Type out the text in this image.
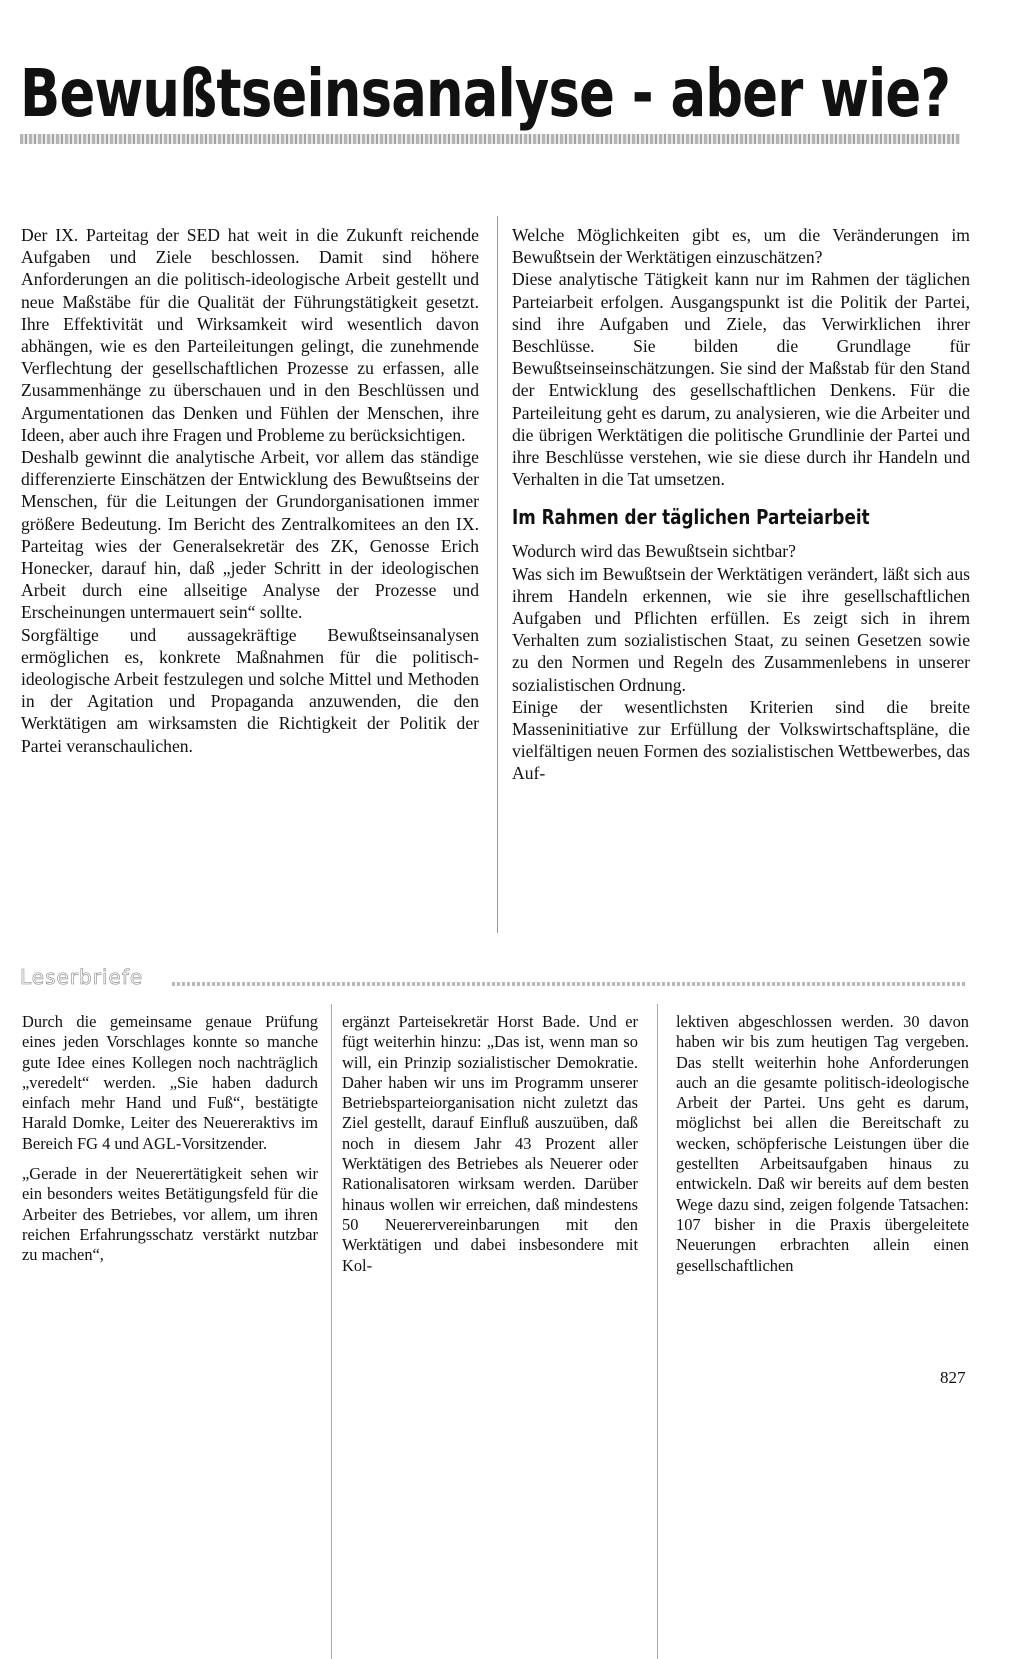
Bewußtseinsanalyse - aber wie?

Der IX. Parteitag der SED hat weit in die Zukunft reichende Aufgaben und Ziele beschlossen. Damit sind höhere Anforderungen an die politisch-ideologische Arbeit gestellt und neue Maßstäbe für die Qualität der Führungstätigkeit gesetzt. Ihre Effektivität und Wirksamkeit wird wesentlich davon abhängen, wie es den Parteileitungen gelingt, die zunehmende Verflechtung der gesellschaftlichen Prozesse zu erfassen, alle Zusammenhänge zu überschauen und in den Beschlüssen und Argumentationen das Denken und Fühlen der Menschen, ihre Ideen, aber auch ihre Fragen und Probleme zu berücksichtigen.

Deshalb gewinnt die analytische Arbeit, vor allem das ständige differenzierte Einschätzen der Entwicklung des Bewußtseins der Menschen, für die Leitungen der Grundorganisationen immer größere Bedeutung. Im Bericht des Zentralkomitees an den IX. Parteitag wies der Generalsekretär des ZK, Genosse Erich Honecker, darauf hin, daß „jeder Schritt in der ideologischen Arbeit durch eine allseitige Analyse der Prozesse und Erscheinungen untermauert sein“ sollte.

Sorgfältige und aussagekräftige Bewußtseinsanalysen ermöglichen es, konkrete Maßnahmen für die politisch-ideologische Arbeit festzulegen und solche Mittel und Methoden in der Agitation und Propaganda anzuwenden, die den Werktätigen am wirksamsten die Richtigkeit der Politik der Partei veranschaulichen.

Welche Möglichkeiten gibt es, um die Veränderungen im Bewußtsein der Werktätigen einzuschätzen?

Diese analytische Tätigkeit kann nur im Rahmen der täglichen Parteiarbeit erfolgen. Ausgangspunkt ist die Politik der Partei, sind ihre Aufgaben und Ziele, das Verwirklichen ihrer Beschlüsse. Sie bilden die Grundlage für Bewußtseinseinschätzungen. Sie sind der Maßstab für den Stand der Entwicklung des gesellschaftlichen Denkens. Für die Parteileitung geht es darum, zu analysieren, wie die Arbeiter und die übrigen Werktätigen die politische Grundlinie der Partei und ihre Beschlüsse verstehen, wie sie diese durch ihr Handeln und Verhalten in die Tat umsetzen.

Im Rahmen der täglichen Parteiarbeit

Wodurch wird das Bewußtsein sichtbar?

Was sich im Bewußtsein der Werktätigen verändert, läßt sich aus ihrem Handeln erkennen, wie sie ihre gesellschaftlichen Aufgaben und Pflichten erfüllen. Es zeigt sich in ihrem Verhalten zum sozialistischen Staat, zu seinen Gesetzen sowie zu den Normen und Regeln des Zusammenlebens in unserer sozialistischen Ordnung.

Einige der wesentlichsten Kriterien sind die breite Masseninitiative zur Erfüllung der Volkswirtschaftspläne, die vielfältigen neuen Formen des sozialistischen Wettbewerbes, das Auf-

Leserbriefe

Durch die gemeinsame genaue Prüfung eines jeden Vorschlages konnte so manche gute Idee eines Kollegen noch nachträglich „veredelt“ werden. „Sie haben dadurch einfach mehr Hand und Fuß“, bestätigte Harald Domke, Leiter des Neuereraktivs im Bereich FG 4 und AGL-Vorsitzender.

„Gerade in der Neuerertätigkeit sehen wir ein besonders weites Betätigungsfeld für die Arbeiter des Betriebes, vor allem, um ihren reichen Erfahrungsschatz verstärkt nutzbar zu machen“,

ergänzt Parteisekretär Horst Bade. Und er fügt weiterhin hinzu: „Das ist, wenn man so will, ein Prinzip sozialistischer Demokratie. Daher haben wir uns im Programm unserer Betriebsparteiorganisation nicht zuletzt das Ziel gestellt, darauf Einfluß auszuüben, daß noch in diesem Jahr 43 Prozent aller Werktätigen des Betriebes als Neuerer oder Rationalisatoren wirksam werden. Darüber hinaus wollen wir erreichen, daß mindestens 50 Neuerervereinbarungen mit den Werktätigen und dabei insbesondere mit Kol-

lektiven abgeschlossen werden. 30 davon haben wir bis zum heutigen Tag vergeben. Das stellt weiterhin hohe Anforderungen auch an die gesamte politisch-ideologische Arbeit der Partei. Uns geht es darum, möglichst bei allen die Bereitschaft zu wecken, schöpferische Leistungen über die gestellten Arbeitsaufgaben hinaus zu entwickeln. Daß wir bereits auf dem besten Wege dazu sind, zeigen folgende Tatsachen: 107 bisher in die Praxis übergeleitete Neuerungen erbrachten allein einen gesellschaftlichen

827
